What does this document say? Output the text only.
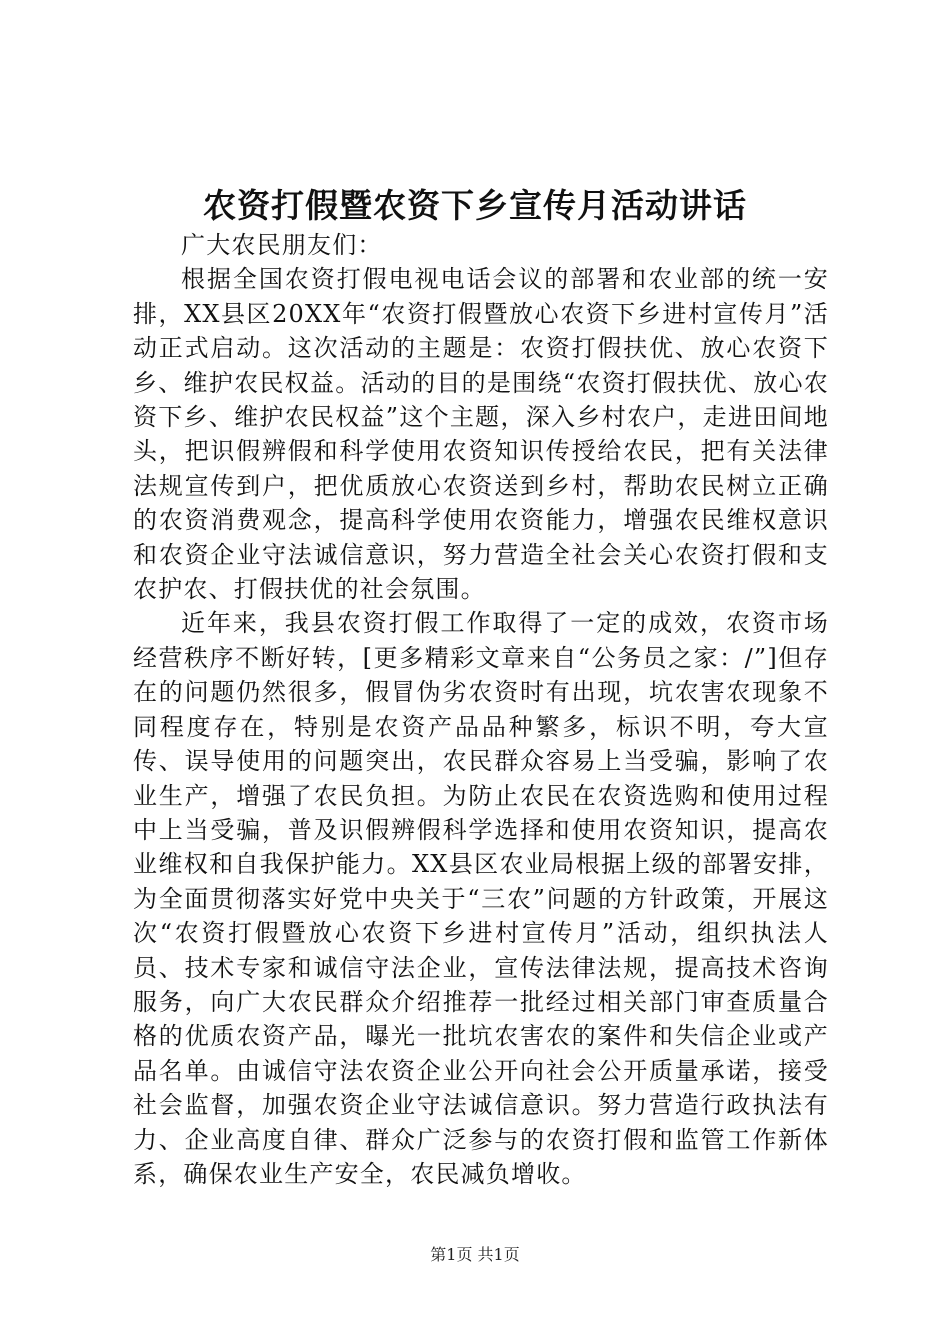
农资打假暨农资下乡宣传月活动讲话

广大农民朋友们：

根据全国农资打假电视电话会议的部署和农业部的统一安排，XX县区20XX年“农资打假暨放心农资下乡进村宣传月”活动正式启动。这次活动的主题是：农资打假扶优、放心农资下乡、维护农民权益。活动的目的是围绕“农资打假扶优、放心农资下乡、维护农民权益”这个主题，深入乡村农户，走进田间地头，把识假辨假和科学使用农资知识传授给农民，把有关法律法规宣传到户，把优质放心农资送到乡村，帮助农民树立正确的农资消费观念，提高科学使用农资能力，增强农民维权意识和农资企业守法诚信意识，努力营造全社会关心农资打假和支农护农、打假扶优的社会氛围。

近年来，我县农资打假工作取得了一定的成效，农资市场经营秩序不断好转，[更多精彩文章来自“公务员之家：/”]但存在的问题仍然很多，假冒伪劣农资时有出现，坑农害农现象不同程度存在，特别是农资产品品种繁多，标识不明，夸大宣传、误导使用的问题突出，农民群众容易上当受骗，影响了农业生产，增强了农民负担。为防止农民在农资选购和使用过程中上当受骗，普及识假辨假科学选择和使用农资知识，提高农业维权和自我保护能力。XX县区农业局根据上级的部署安排，为全面贯彻落实好党中央关于“三农”问题的方针政策，开展这次“农资打假暨放心农资下乡进村宣传月”活动，组织执法人员、技术专家和诚信守法企业，宣传法律法规，提高技术咨询服务，向广大农民群众介绍推荐一批经过相关部门审查质量合格的优质农资产品，曝光一批坑农害农的案件和失信企业或产品名单。由诚信守法农资企业公开向社会公开质量承诺，接受社会监督，加强农资企业守法诚信意识。努力营造行政执法有力、企业高度自律、群众广泛参与的农资打假和监管工作新体系，确保农业生产安全，农民减负增收。

第1页 共1页
